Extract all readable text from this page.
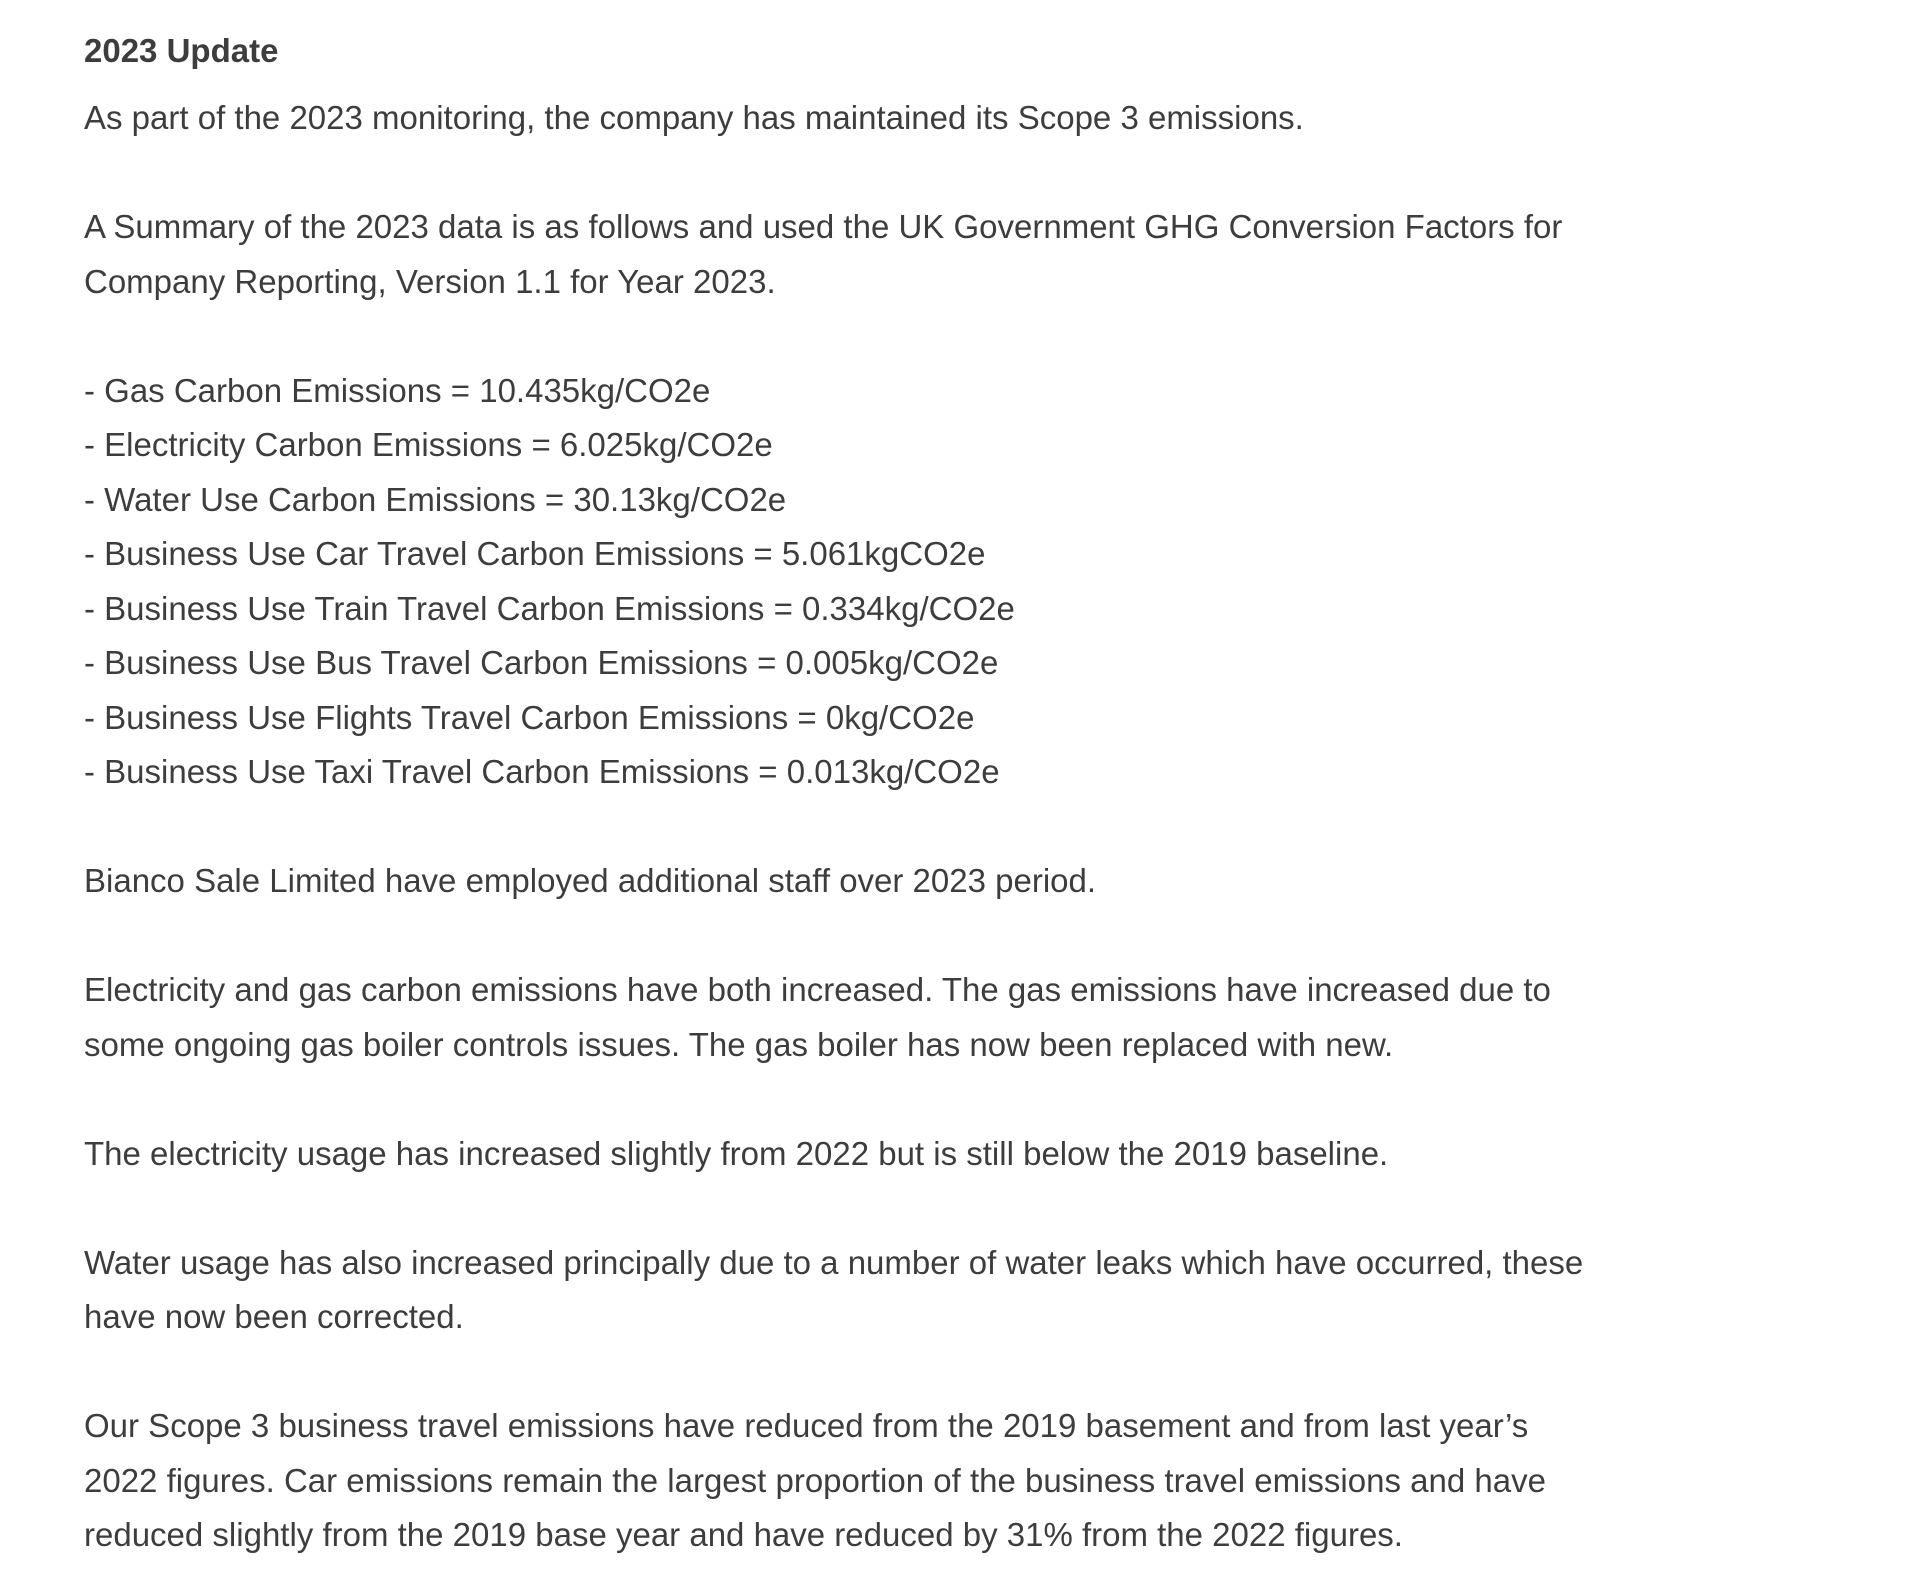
2023 Update
As part of the 2023 monitoring, the company has maintained its Scope 3 emissions.
A Summary of the 2023 data is as follows and used the UK Government GHG Conversion Factors for
Company Reporting, Version 1.1 for Year 2023.
- Gas Carbon Emissions = 10.435kg/CO2e
- Electricity Carbon Emissions = 6.025kg/CO2e
- Water Use Carbon Emissions = 30.13kg/CO2e
- Business Use Car Travel Carbon Emissions = 5.061kgCO2e
- Business Use Train Travel Carbon Emissions = 0.334kg/CO2e
- Business Use Bus Travel Carbon Emissions = 0.005kg/CO2e
- Business Use Flights Travel Carbon Emissions = 0kg/CO2e
- Business Use Taxi Travel Carbon Emissions = 0.013kg/CO2e
Bianco Sale Limited have employed additional staff over 2023 period.
Electricity and gas carbon emissions have both increased. The gas emissions have increased due to
some ongoing gas boiler controls issues. The gas boiler has now been replaced with new.
The electricity usage has increased slightly from 2022 but is still below the 2019 baseline.
Water usage has also increased principally due to a number of water leaks which have occurred, these
have now been corrected.
Our Scope 3 business travel emissions have reduced from the 2019 basement and from last year’s
2022 figures. Car emissions remain the largest proportion of the business travel emissions and have
reduced slightly from the 2019 base year and have reduced by 31% from the 2022 figures.
